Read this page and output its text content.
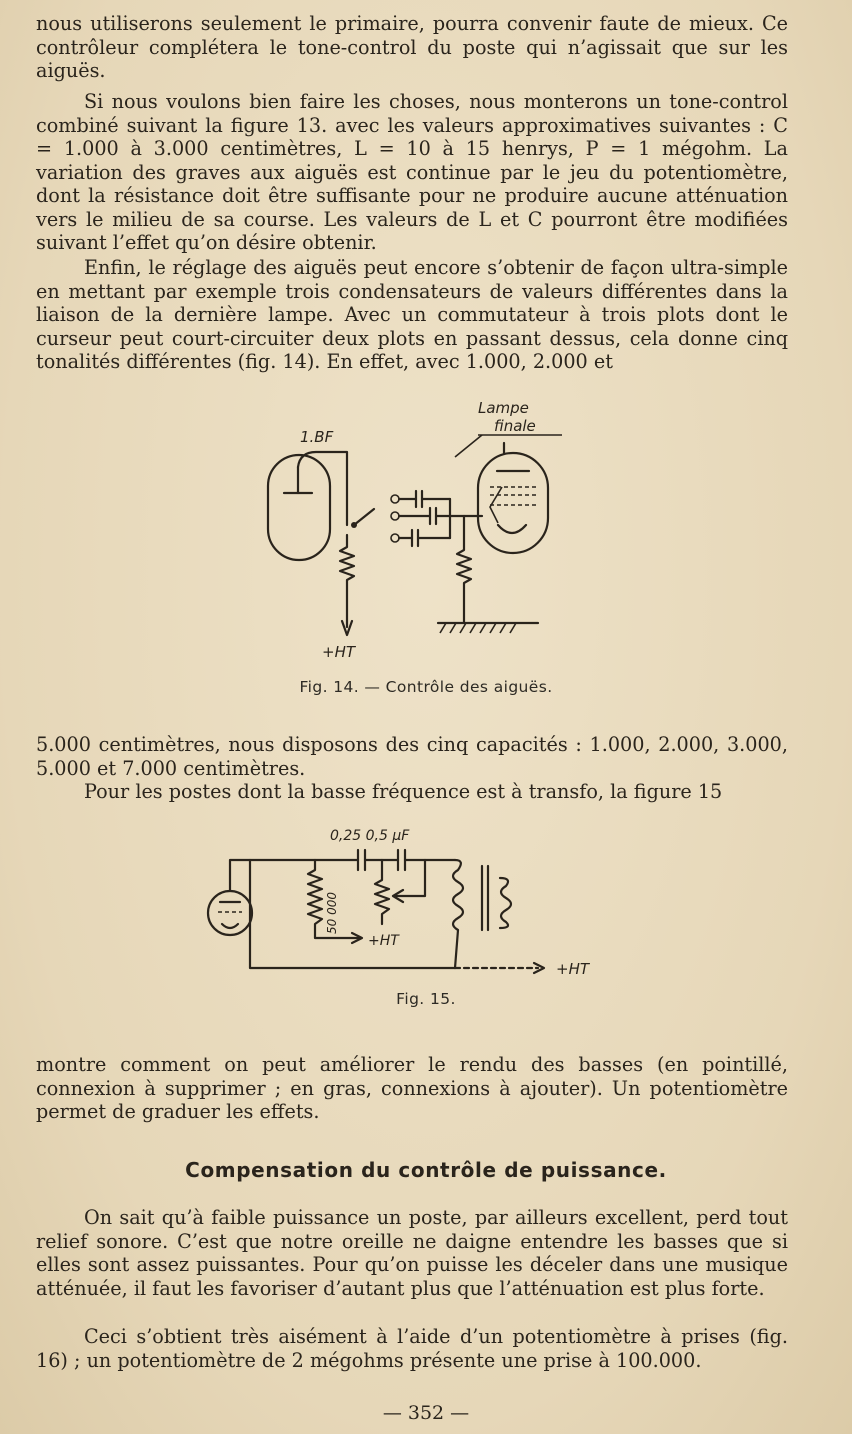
nous utiliserons seulement le primaire, pourra convenir faute de mieux. Ce contrôleur complétera le tone-control du poste qui n’agissait que sur les aiguës.

Si nous voulons bien faire les choses, nous monterons un tone-control combiné suivant la figure 13. avec les valeurs approximatives suivantes : C = 1.000 à 3.000 centimètres, L = 10 à 15 henrys, P = 1 mégohm. La variation des graves aux aiguës est continue par le jeu du potentiomètre, dont la résistance doit être suffisante pour ne produire aucune atténuation vers le milieu de sa course. Les valeurs de L et C pourront être modifiées suivant l’effet qu’on désire obtenir.

Enfin, le réglage des aiguës peut encore s’obtenir de façon ultra-simple en mettant par exemple trois condensateurs de valeurs différentes dans la liaison de la dernière lampe. Avec un commutateur à trois plots dont le curseur peut court-circuiter deux plots en passant dessus, cela donne cinq tonalités différentes (fig. 14). En effet, avec 1.000, 2.000 et

1.BF
Lampe
finale
+HT
Fig. 14. — Contrôle des aiguës.

5.000 centimètres, nous disposons des cinq capacités : 1.000, 2.000, 3.000, 5.000 et 7.000 centimètres.

Pour les postes dont la basse fréquence est à transfo, la figure 15

0,25 0,5 μF
50 000
+HT
+HT
Fig. 15.

montre comment on peut améliorer le rendu des basses (en pointillé, connexion à supprimer ; en gras, connexions à ajouter). Un potentiomètre permet de graduer les effets.

Compensation du contrôle de puissance.

On sait qu’à faible puissance un poste, par ailleurs excellent, perd tout relief sonore. C’est que notre oreille ne daigne entendre les basses que si elles sont assez puissantes. Pour qu’on puisse les déceler dans une musique atténuée, il faut les favoriser d’autant plus que l’atténuation est plus forte.

Ceci s’obtient très aisément à l’aide d’un potentiomètre à prises (fig. 16) ; un potentiomètre de 2 mégohms présente une prise à 100.000.

— 352 —
